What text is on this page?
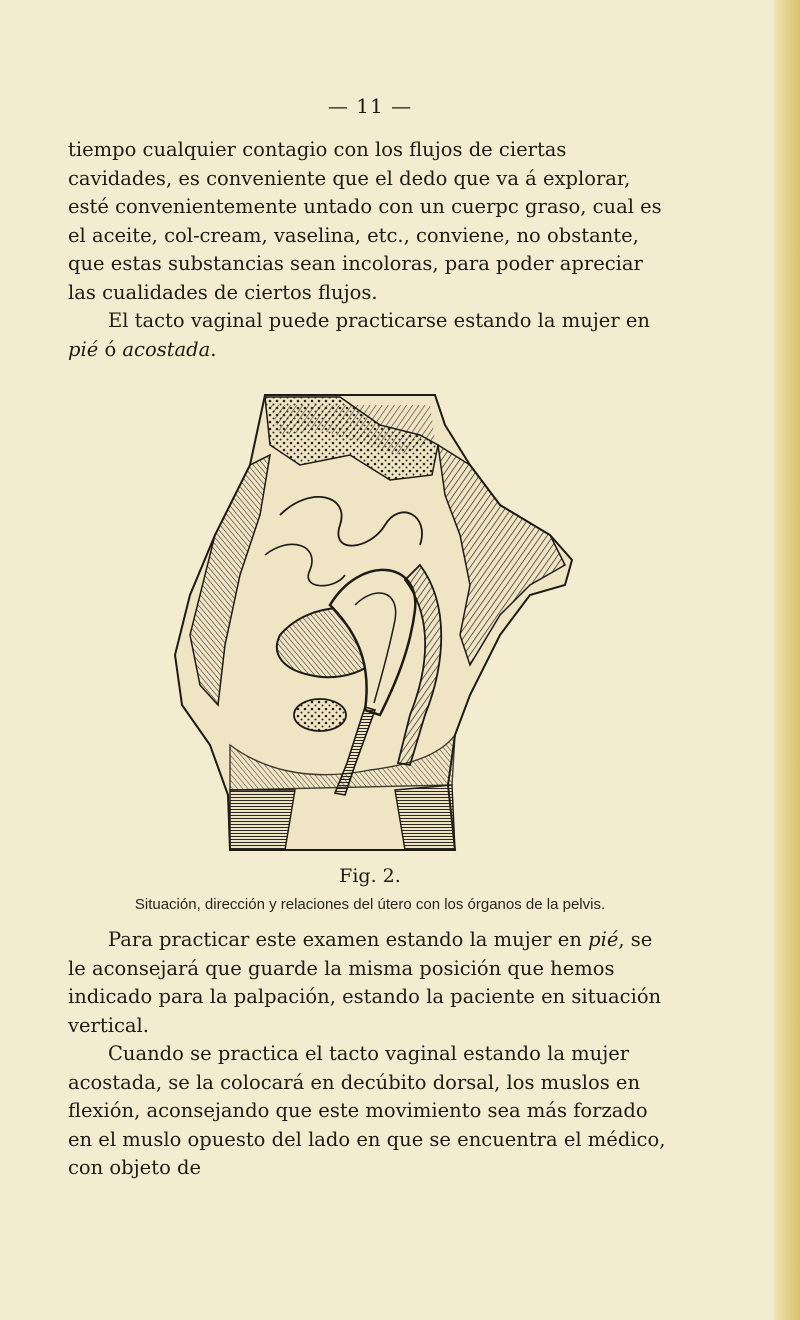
— 11 —

tiempo cualquier contagio con los flujos de ciertas cavidades, es conveniente que el dedo que va á explorar, esté convenientemente untado con un cuerpc graso, cual es el aceite, col-cream, vaselina, etc., conviene, no obstante, que estas substancias sean incoloras, para poder apreciar las cualidades de ciertos flujos.

El tacto vaginal puede practicarse estando la mujer en pié ó acostada.

Fig. 2.
Situación, dirección y relaciones del útero con los órganos de la pelvis.

Para practicar este examen estando la mujer en pié, se le aconsejará que guarde la misma posición que hemos indicado para la palpación, estando la paciente en situación vertical.

Cuando se practica el tacto vaginal estando la mujer acostada, se la colocará en decúbito dorsal, los muslos en flexión, aconsejando que este movimiento sea más forzado en el muslo opuesto del lado en que se encuentra el médico, con objeto de
